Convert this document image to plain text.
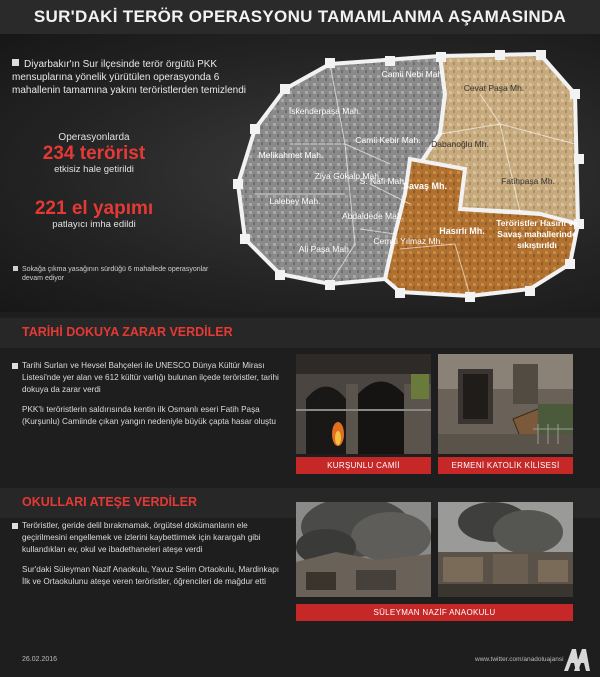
SUR'DAKİ TERÖR OPERASYONU TAMAMLANMA AŞAMASINDA
Camii Nebi Mah.
İskenderpaşa Mah.
Melikahmet Mah.
Camii Kebir Mah.
Ziya Gökalp Mah.
Lalebey Mah.
S. Nafi Mah.
Abdaldede Mah.
Ali Paşa Mah.
Cevat Paşa Mh.
Dabanoğlu Mh.
Fatihpaşa Mh.
Savaş Mh.
Hasırlı Mh.
Cemal Yılmaz Mh.
Teröristler Hasırlı ve Savaş mahallerinde sıkıştırıldı
Diyarbakır'ın Sur ilçesinde terör örgütü PKK mensuplarına yönelik yürütülen operasyonda 6 mahallenin tamamına yakını teröristlerden temizlendi
Operasyonlarda
234 terörist
etkisiz hale getirildi
221 el yapımı
patlayıcı imha edildi
Sokağa çıkma yasağının sürdüğü 6 mahallede operasyonlar devam ediyor
TARİHİ DOKUYA ZARAR VERDİLER

Tarihi Surları ve Hevsel Bahçeleri ile UNESCO Dünya Kültür Mirası Listesi'nde yer alan ve 612 kültür varlığı bulunan ilçede teröristler, tarihi dokuya da zarar verdi

PKK'lı teröristlerin saldırısında kentin ilk Osmanlı eseri Fatih Paşa (Kurşunlu) Camiinde çıkan yangın nedeniyle büyük çapta hasar oluştu

KURŞUNLU CAMİİ	ERMENİ KATOLİK KİLİSESİ
OKULLARI ATEŞE VERDİLER

Teröristler, geride delil bırakmamak, örgütsel dokümanların ele geçirilmesini engellemek ve izlerini kaybettirmek için karargah gibi kullandıkları ev, okul ve ibadethaneleri ateşe verdi

Sur'daki Süleyman Nazif Anaokulu, Yavuz Selim Ortaokulu, Mardinkapı İlk ve Ortaokulunu ateşe veren teröristler, öğrencileri de mağdur etti

SÜLEYMAN NAZİF ANAOKULU
26.02.2016	www.twitter.com/anadoluajansi
